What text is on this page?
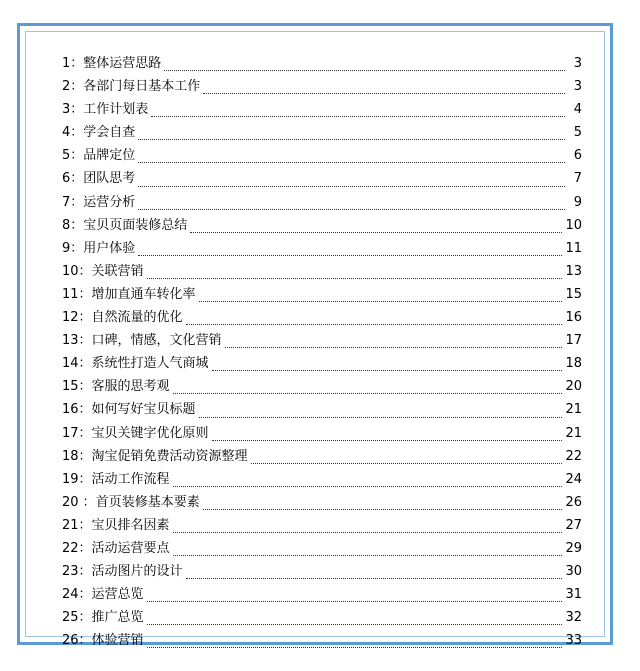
1： 整体运营思路	3
2： 各部门每日基本工作	3
3： 工作计划表	4
4： 学会自查	5
5： 品牌定位	6
6： 团队思考	7
7： 运营分析	9
8： 宝贝页面装修总结	10
9： 用户体验	11
10： 关联营销	13
11： 增加直通车转化率	15
12： 自然流量的优化	16
13： 口碑，情感，文化营销	17
14： 系统性打造人气商城	18
15： 客服的思考观	20
16： 如何写好宝贝标题	21
17： 宝贝关键字优化原则	21
18： 淘宝促销免费活动资源整理	22
19： 活动工作流程	24
20 ： 首页装修基本要素	26
21： 宝贝排名因素	27
22： 活动运营要点	29
23： 活动图片的设计	30
24： 运营总览	31
25： 推广总览	32
26： 体验营销	33
